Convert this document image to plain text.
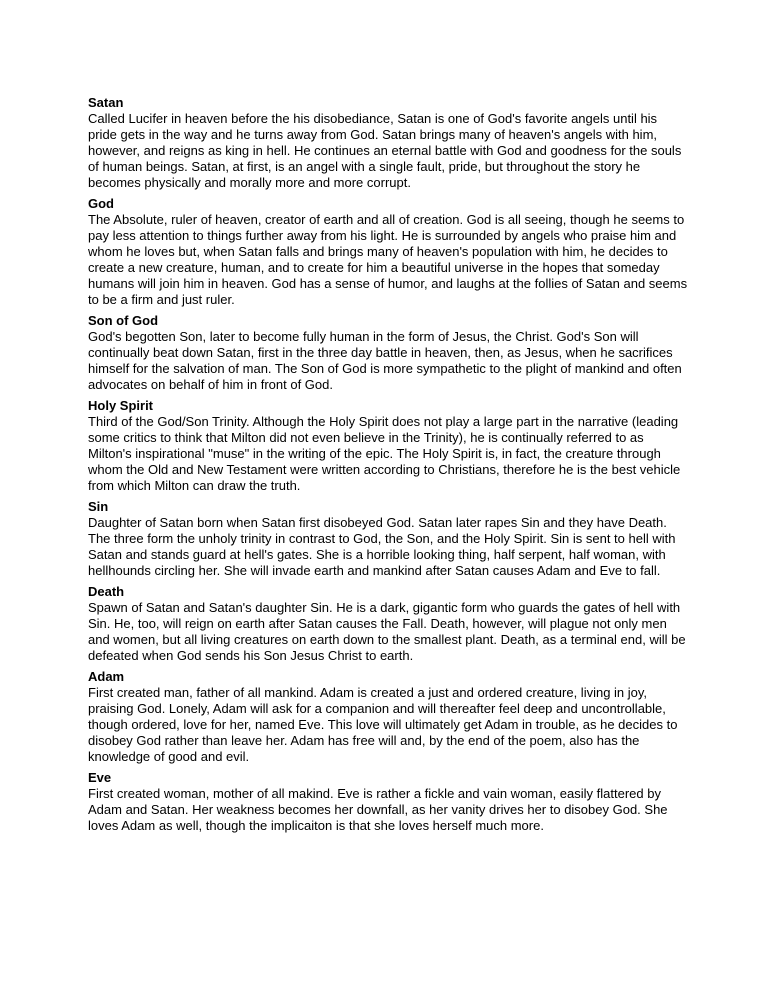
Satan

Called Lucifer in heaven before the his disobediance, Satan is one of God's favorite angels until his pride gets in the way and he turns away from God. Satan brings many of heaven's angels with him, however, and reigns as king in hell. He continues an eternal battle with God and goodness for the souls of human beings. Satan, at first, is an angel with a single fault, pride, but throughout the story he becomes physically and morally more and more corrupt.

God

The Absolute, ruler of heaven, creator of earth and all of creation. God is all seeing, though he seems to pay less attention to things further away from his light. He is surrounded by angels who praise him and whom he loves but, when Satan falls and brings many of heaven's population with him, he decides to create a new creature, human, and to create for him a beautiful universe in the hopes that someday humans will join him in heaven. God has a sense of humor, and laughs at the follies of Satan and seems to be a firm and just ruler.

Son of God

God's begotten Son, later to become fully human in the form of Jesus, the Christ. God's Son will continually beat down Satan, first in the three day battle in heaven, then, as Jesus, when he sacrifices himself for the salvation of man. The Son of God is more sympathetic to the plight of mankind and often advocates on behalf of him in front of God.

Holy Spirit

Third of the God/Son Trinity. Although the Holy Spirit does not play a large part in the narrative (leading some critics to think that Milton did not even believe in the Trinity), he is continually referred to as Milton's inspirational "muse" in the writing of the epic. The Holy Spirit is, in fact, the creature through whom the Old and New Testament were written according to Christians, therefore he is the best vehicle from which Milton can draw the truth.

Sin

Daughter of Satan born when Satan first disobeyed God. Satan later rapes Sin and they have Death. The three form the unholy trinity in contrast to God, the Son, and the Holy Spirit. Sin is sent to hell with Satan and stands guard at hell's gates. She is a horrible looking thing, half serpent, half woman, with hellhounds circling her. She will invade earth and mankind after Satan causes Adam and Eve to fall.

Death

Spawn of Satan and Satan's daughter Sin. He is a dark, gigantic form who guards the gates of hell with Sin. He, too, will reign on earth after Satan causes the Fall. Death, however, will plague not only men and women, but all living creatures on earth down to the smallest plant. Death, as a terminal end, will be defeated when God sends his Son Jesus Christ to earth.

Adam

First created man, father of all mankind. Adam is created a just and ordered creature, living in joy, praising God. Lonely, Adam will ask for a companion and will thereafter feel deep and uncontrollable, though ordered, love for her, named Eve. This love will ultimately get Adam in trouble, as he decides to disobey God rather than leave her. Adam has free will and, by the end of the poem, also has the knowledge of good and evil.

Eve

First created woman, mother of all makind. Eve is rather a fickle and vain woman, easily flattered by Adam and Satan. Her weakness becomes her downfall, as her vanity drives her to disobey God. She loves Adam as well, though the implicaiton is that she loves herself much more.
